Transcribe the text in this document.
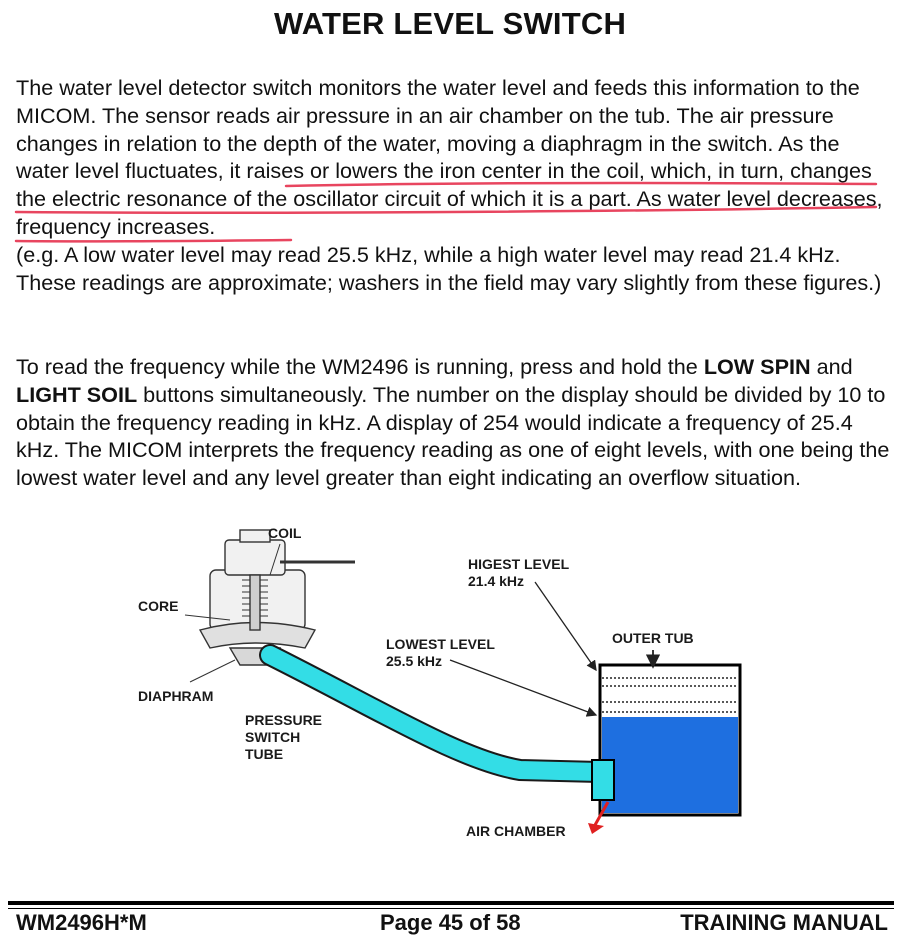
WATER LEVEL SWITCH
The water level detector switch monitors the water level and feeds this information to the MICOM. The sensor reads air pressure in an air chamber on the tub. The air pressure changes in relation to the depth of the water, moving a diaphragm in the switch. As the water level fluctuates, it raises or lowers the iron center in the coil, which, in turn, changes the electric resonance of the oscillator circuit of which it is a part. As water level decreases, frequency increases.
(e.g. A low water level may read 25.5 kHz, while a high water level may read 21.4 kHz. These readings are approximate; washers in the field may vary slightly from these figures.)
To read the frequency while the WM2496 is running, press and hold the LOW SPIN and LIGHT SOIL buttons simultaneously. The number on the display should be divided by 10 to obtain the frequency reading in kHz. A display of 254 would indicate a frequency of 25.4 kHz. The MICOM interprets the frequency reading as one of eight levels, with one being the lowest water level and any level greater than eight indicating an overflow situation.
COIL
CORE
DIAPHRAM
PRESSURE
SWITCH
TUBE
HIGEST LEVEL
21.4 kHz
LOWEST LEVEL
25.5 kHz
OUTER TUB
AIR CHAMBER
WM2496H*M	Page 45 of 58	TRAINING MANUAL
